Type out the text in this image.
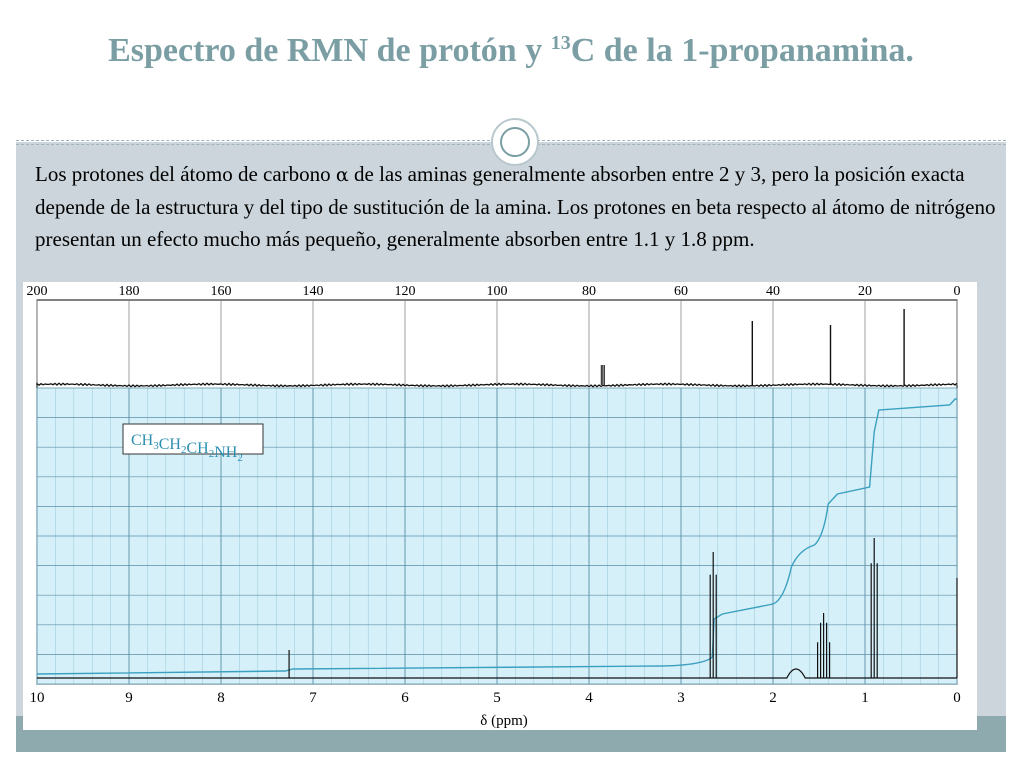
Espectro de RMN de protón y $^{13}$C de la 1-propanamina.
Los protones del átomo de carbono α de las aminas generalmente absorben entre 2 y 3, pero la posición exacta depende de la estructura y del tipo de sustitución de la amina. Los protones en beta respecto al átomo de nitrógeno presentan un efecto mucho más pequeño, generalmente absorben entre 1.1 y 1.8 ppm.
200	180	160	140	120	100	80	60	40	20	0
10	9	8	7	6	5	4	3	2	1	0
$CH_3CH_2CH_2NH_2$
δ (ppm)
